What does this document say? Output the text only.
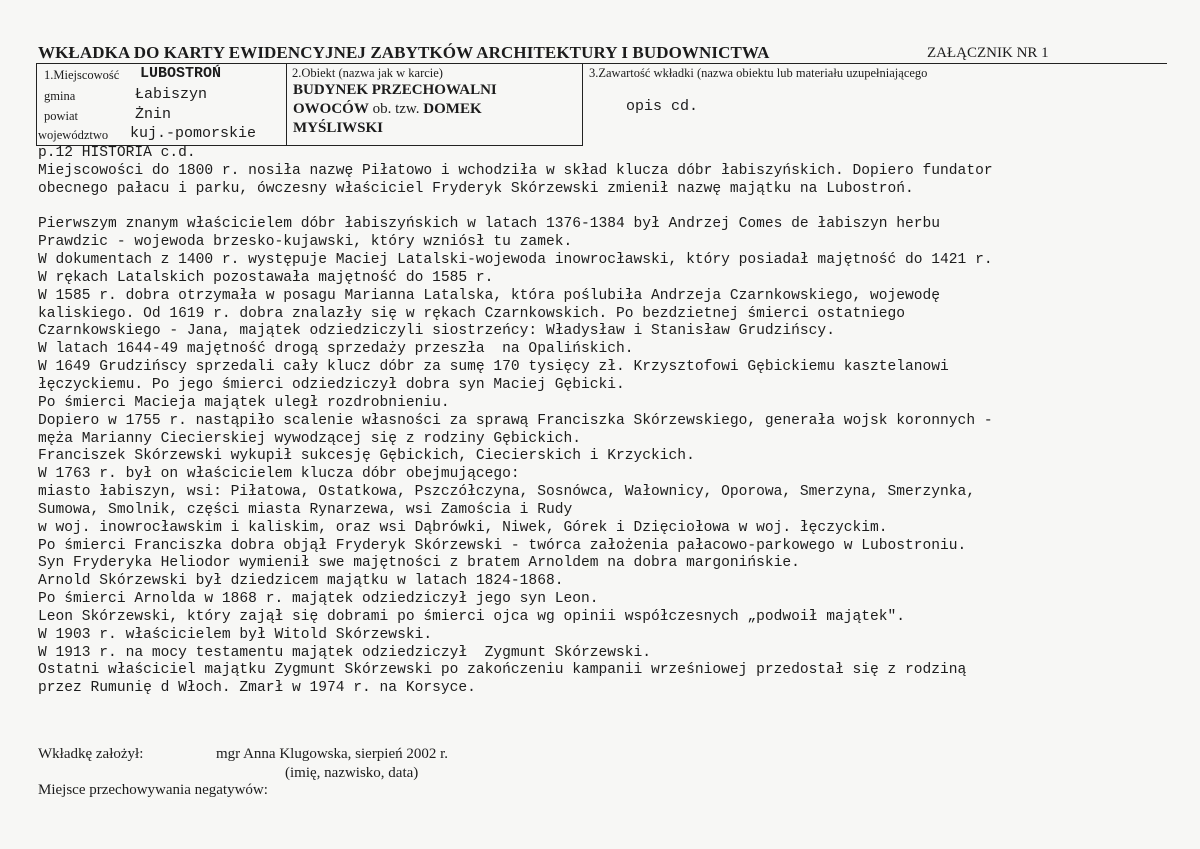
WKŁADKA DO KARTY EWIDENCYJNEJ ZABYTKÓW ARCHITEKTURY I BUDOWNICTWA	ZAŁĄCZNIK NR 1
1.Miejscowość LUBOSTROŃ
gmina	Łabiszyn
powiat	Żnin
województwo kuj.-pomorskie
2.Obiekt (nazwa jak w karcie)
BUDYNEK PRZECHOWALNI
OWOCÓW ob. tzw. DOMEK
MYŚLIWSKI
3.Zawartość wkładki (nazwa obiektu lub materiału uzupełniającego
opis cd.
p.12 HISTORIA c.d.
Miejscowości do 1800 r. nosiła nazwę Piłatowo i wchodziła w skład klucza dóbr łabiszyńskich. Dopiero fundator
obecnego pałacu i parku, ówczesny właściciel Fryderyk Skórzewski zmienił nazwę majątku na Lubostroń.
Pierwszym znanym właścicielem dóbr łabiszyńskich w latach 1376-1384 był Andrzej Comes de łabiszyn herbu
Prawdzic - wojewoda brzesko-kujawski, który wzniósł tu zamek.
W dokumentach z 1400 r. występuje Maciej Latalski-wojewoda inowrocławski, który posiadał majętność do 1421 r.
W rękach Latalskich pozostawała majętność do 1585 r.
W 1585 r. dobra otrzymała w posagu Marianna Latalska, która poślubiła Andrzeja Czarnkowskiego, wojewodę
kaliskiego. Od 1619 r. dobra znalazły się w rękach Czarnkowskich. Po bezdzietnej śmierci ostatniego
Czarnkowskiego - Jana, majątek odziedziczyli siostrzeńcy: Władysław i Stanisław Grudzińscy.
W latach 1644-49 majętność drogą sprzedaży przeszła  na Opalińskich.
W 1649 Grudzińscy sprzedali cały klucz dóbr za sumę 170 tysięcy zł. Krzysztofowi Gębickiemu kasztelanowi
łęczyckiemu. Po jego śmierci odziedziczył dobra syn Maciej Gębicki.
Po śmierci Macieja majątek uległ rozdrobnieniu.
Dopiero w 1755 r. nastąpiło scalenie własności za sprawą Franciszka Skórzewskiego, generała wojsk koronnych -
męża Marianny Ciecierskiej wywodzącej się z rodziny Gębickich.
Franciszek Skórzewski wykupił sukcesję Gębickich, Ciecierskich i Krzyckich.
W 1763 r. był on właścicielem klucza dóbr obejmującego:
miasto łabiszyn, wsi: Piłatowa, Ostatkowa, Pszczółczyna, Sosnówca, Wałownicy, Oporowa, Smerzyna, Smerzynka,
Sumowa, Smolnik, części miasta Rynarzewa, wsi Zamościa i Rudy
w woj. inowrocławskim i kaliskim, oraz wsi Dąbrówki, Niwek, Górek i Dzięciołowa w woj. łęczyckim.
Po śmierci Franciszka dobra objął Fryderyk Skórzewski - twórca założenia pałacowo-parkowego w Lubostroniu.
Syn Fryderyka Heliodor wymienił swe majętności z bratem Arnoldem na dobra margonińskie.
Arnold Skórzewski był dziedzicem majątku w latach 1824-1868.
Po śmierci Arnolda w 1868 r. majątek odziedziczył jego syn Leon.
Leon Skórzewski, który zajął się dobrami po śmierci ojca wg opinii współczesnych „podwoił majątek".
W 1903 r. właścicielem był Witold Skórzewski.
W 1913 r. na mocy testamentu majątek odziedziczył  Zygmunt Skórzewski.
Ostatni właściciel majątku Zygmunt Skórzewski po zakończeniu kampanii wrześniowej przedostał się z rodziną
przez Rumunię d Włoch. Zmarł w 1974 r. na Korsyce.
Wkładkę założył:	mgr Anna Klugowska, sierpień 2002 r.
(imię, nazwisko, data)
Miejsce przechowywania negatywów:
